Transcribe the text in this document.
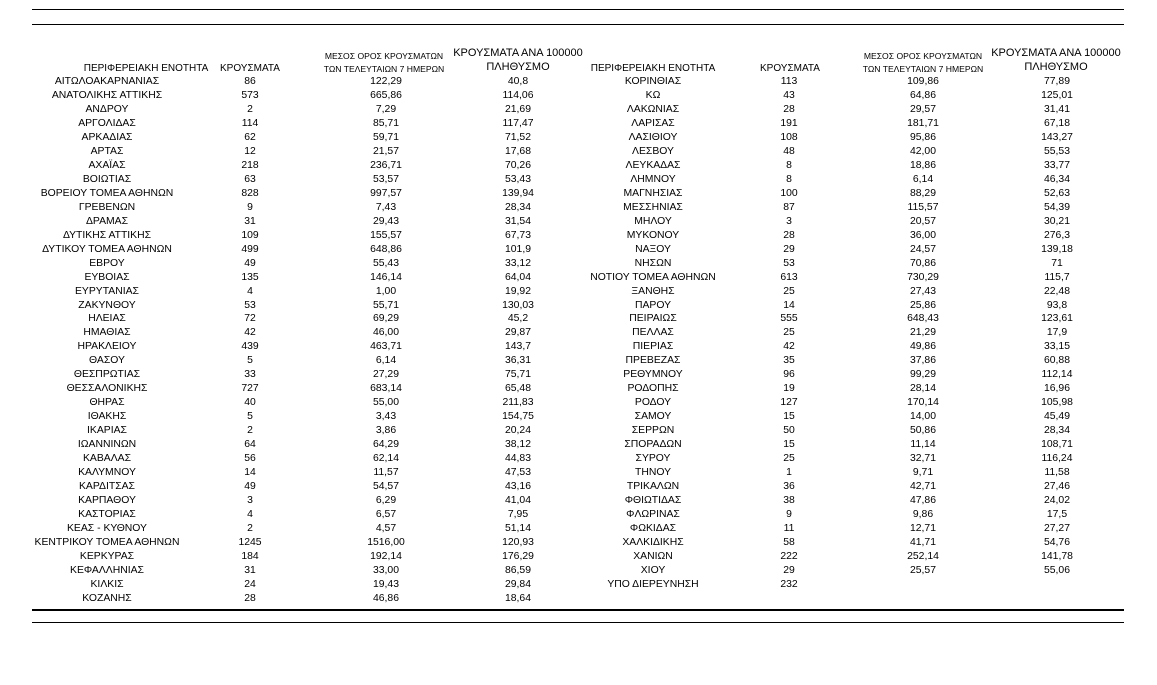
ΠΕΡΙΦΕΡΕΙΑΚΗ ΕΝΟΤΗΤΑ	ΚΡΟΥΣΜΑΤΑ
ΜΕΣΟΣ ΟΡΟΣ ΚΡΟΥΣΜΑΤΩΝ
ΤΩΝ ΤΕΛΕΥΤΑΙΩΝ 7 ΗΜΕΡΩΝ
ΚΡΟΥΣΜΑΤΑ ΑΝΑ 100000
ΠΛΗΘΥΣΜΟ	ΠΕΡΙΦΕΡΕΙΑΚΗ ΕΝΟΤΗΤΑ	ΚΡΟΥΣΜΑΤΑ
ΜΕΣΟΣ ΟΡΟΣ ΚΡΟΥΣΜΑΤΩΝ
ΤΩΝ ΤΕΛΕΥΤΑΙΩΝ 7 ΗΜΕΡΩΝ
ΚΡΟΥΣΜΑΤΑ ΑΝΑ 100000
ΠΛΗΘΥΣΜΟ
ΑΙΤΩΛΟΑΚΑΡΝΑΝΙΑΣ	86	122,29	40,8
ΑΝΑΤΟΛΙΚΗΣ ΑΤΤΙΚΗΣ	573	665,86	114,06
ΑΝΔΡΟΥ	2	7,29	21,69
ΑΡΓΟΛΙΔΑΣ	114	85,71	117,47
ΑΡΚΑΔΙΑΣ	62	59,71	71,52
ΑΡΤΑΣ	12	21,57	17,68
ΑΧΑΪΑΣ	218	236,71	70,26
ΒΟΙΩΤΙΑΣ	63	53,57	53,43
ΒΟΡΕΙΟΥ ΤΟΜΕΑ ΑΘΗΝΩΝ	828	997,57	139,94
ΓΡΕΒΕΝΩΝ	9	7,43	28,34
ΔΡΑΜΑΣ	31	29,43	31,54
ΔΥΤΙΚΗΣ ΑΤΤΙΚΗΣ	109	155,57	67,73
ΔΥΤΙΚΟΥ ΤΟΜΕΑ ΑΘΗΝΩΝ	499	648,86	101,9
ΕΒΡΟΥ	49	55,43	33,12
ΕΥΒΟΙΑΣ	135	146,14	64,04
ΕΥΡΥΤΑΝΙΑΣ	4	1,00	19,92
ΖΑΚΥΝΘΟΥ	53	55,71	130,03
ΗΛΕΙΑΣ	72	69,29	45,2
ΗΜΑΘΙΑΣ	42	46,00	29,87
ΗΡΑΚΛΕΙΟΥ	439	463,71	143,7
ΘΑΣΟΥ	5	6,14	36,31
ΘΕΣΠΡΩΤΙΑΣ	33	27,29	75,71
ΘΕΣΣΑΛΟΝΙΚΗΣ	727	683,14	65,48
ΘΗΡΑΣ	40	55,00	211,83
ΙΘΑΚΗΣ	5	3,43	154,75
ΙΚΑΡΙΑΣ	2	3,86	20,24
ΙΩΑΝΝΙΝΩΝ	64	64,29	38,12
ΚΑΒΑΛΑΣ	56	62,14	44,83
ΚΑΛΥΜΝΟΥ	14	11,57	47,53
ΚΑΡΔΙΤΣΑΣ	49	54,57	43,16
ΚΑΡΠΑΘΟΥ	3	6,29	41,04
ΚΑΣΤΟΡΙΑΣ	4	6,57	7,95
ΚΕΑΣ - ΚΥΘΝΟΥ	2	4,57	51,14
ΚΕΝΤΡΙΚΟΥ ΤΟΜΕΑ ΑΘΗΝΩΝ	1245	1516,00	120,93
ΚΕΡΚΥΡΑΣ	184	192,14	176,29
ΚΕΦΑΛΛΗΝΙΑΣ	31	33,00	86,59
ΚΙΛΚΙΣ	24	19,43	29,84
ΚΟΖΑΝΗΣ	28	46,86	18,64
ΚΟΡΙΝΘΙΑΣ	113	109,86	77,89
ΚΩ	43	64,86	125,01
ΛΑΚΩΝΙΑΣ	28	29,57	31,41
ΛΑΡΙΣΑΣ	191	181,71	67,18
ΛΑΣΙΘΙΟΥ	108	95,86	143,27
ΛΕΣΒΟΥ	48	42,00	55,53
ΛΕΥΚΑΔΑΣ	8	18,86	33,77
ΛΗΜΝΟΥ	8	6,14	46,34
ΜΑΓΝΗΣΙΑΣ	100	88,29	52,63
ΜΕΣΣΗΝΙΑΣ	87	115,57	54,39
ΜΗΛΟΥ	3	20,57	30,21
ΜΥΚΟΝΟΥ	28	36,00	276,3
ΝΑΞΟΥ	29	24,57	139,18
ΝΗΣΩΝ	53	70,86	71
ΝΟΤΙΟΥ ΤΟΜΕΑ ΑΘΗΝΩΝ	613	730,29	115,7
ΞΑΝΘΗΣ	25	27,43	22,48
ΠΑΡΟΥ	14	25,86	93,8
ΠΕΙΡΑΙΩΣ	555	648,43	123,61
ΠΕΛΛΑΣ	25	21,29	17,9
ΠΙΕΡΙΑΣ	42	49,86	33,15
ΠΡΕΒΕΖΑΣ	35	37,86	60,88
ΡΕΘΥΜΝΟΥ	96	99,29	112,14
ΡΟΔΟΠΗΣ	19	28,14	16,96
ΡΟΔΟΥ	127	170,14	105,98
ΣΑΜΟΥ	15	14,00	45,49
ΣΕΡΡΩΝ	50	50,86	28,34
ΣΠΟΡΑΔΩΝ	15	11,14	108,71
ΣΥΡΟΥ	25	32,71	116,24
ΤΗΝΟΥ	1	9,71	11,58
ΤΡΙΚΑΛΩΝ	36	42,71	27,46
ΦΘΙΩΤΙΔΑΣ	38	47,86	24,02
ΦΛΩΡΙΝΑΣ	9	9,86	17,5
ΦΩΚΙΔΑΣ	11	12,71	27,27
ΧΑΛΚΙΔΙΚΗΣ	58	41,71	54,76
ΧΑΝΙΩΝ	222	252,14	141,78
ΧΙΟΥ	29	25,57	55,06
ΥΠΟ ΔΙΕΡΕΥΝΗΣΗ	232
